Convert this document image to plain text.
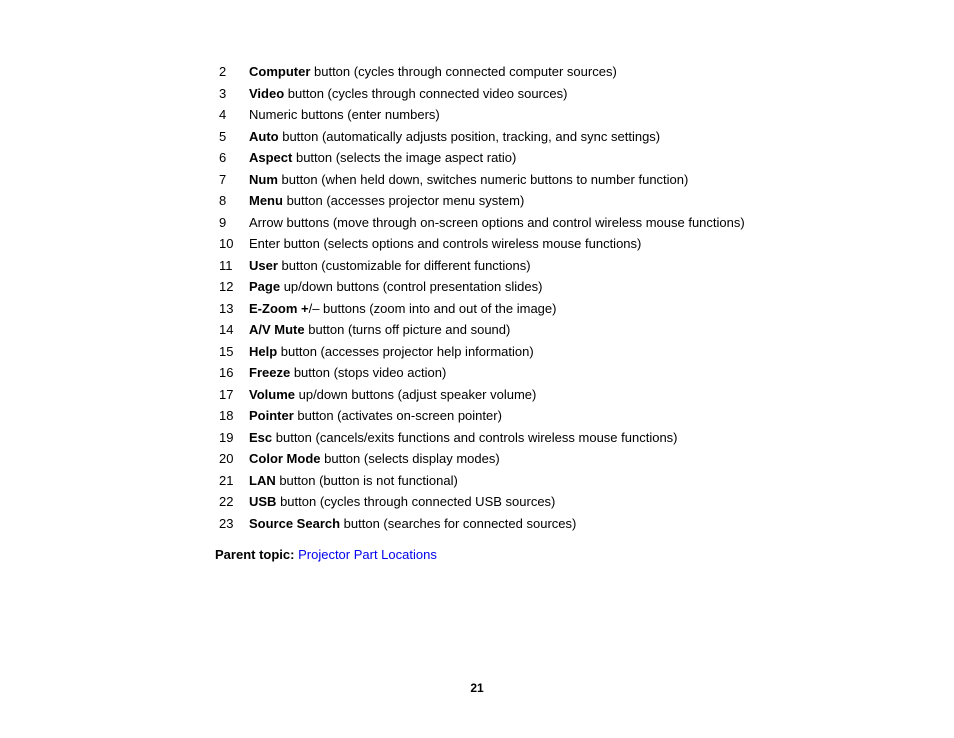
2	Computer button (cycles through connected computer sources)
3	Video button (cycles through connected video sources)
4	Numeric buttons (enter numbers)
5	Auto button (automatically adjusts position, tracking, and sync settings)
6	Aspect button (selects the image aspect ratio)
7	Num button (when held down, switches numeric buttons to number function)
8	Menu button (accesses projector menu system)
9	Arrow buttons (move through on-screen options and control wireless mouse functions)
10	Enter button (selects options and controls wireless mouse functions)
11	User button (customizable for different functions)
12	Page up/down buttons (control presentation slides)
13	E-Zoom +/– buttons (zoom into and out of the image)
14	A/V Mute button (turns off picture and sound)
15	Help button (accesses projector help information)
16	Freeze button (stops video action)
17	Volume up/down buttons (adjust speaker volume)
18	Pointer button (activates on-screen pointer)
19	Esc button (cancels/exits functions and controls wireless mouse functions)
20	Color Mode button (selects display modes)
21	LAN button (button is not functional)
22	USB button (cycles through connected USB sources)
23	Source Search button (searches for connected sources)
Parent topic: Projector Part Locations
21
